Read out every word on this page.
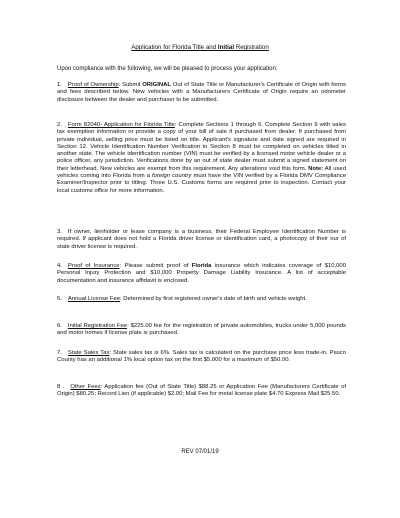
Application for Florida Title and Initial Registration
Upon compliance with the following, we will be pleased to process your application:
1. Proof of Ownership: Submit ORIGINAL Out of State Title or Manufacturer's Certificate of Origin with forms and fees described below. New vehicles with a Manufacturers Certificate of Origin require an odometer disclosure between the dealer and purchaser to be submitted.
2. Form 82040- Application for Florida Title: Complete Sections 1 through 6. Complete Section 9 with sales tax exemption information or provide a copy of your bill of sale if purchased from dealer. If purchased from private individual, selling price must be listed on title. Applicant's signature and date signed are required in Section 12. Vehicle Identification Number Verification in Section 8 must be completed on vehicles titled in another state. The vehicle identification number (VIN) must be verified by a licensed motor vehicle dealer or a police officer, any jurisdiction. Verifications done by an out of state dealer must submit a signed statement on their letterhead. New vehicles are exempt from this requirement. Any alterations void this form. Note: All used vehicles coming into Florida from a foreign country must have the VIN verified by a Florida DMV Compliance Examiner/Inspector prior to titling. Three U.S. Customs forms are required prior to inspection. Contact your local customs office for more information.
3. If owner, lienholder or lease company is a business, their Federal Employee Identification Number is required. If applicant does not hold a Florida driver license or identification card, a photocopy of their our of state driver license is required.
4. Proof of Insurance: Please submit proof of Florida insurance which indicates coverage of $10,000 Personal Injury Protection and $10,000 Property Damage Liability Insurance. A list of acceptable documentation and insurance affidavit is enclosed.
5. Annual License Fee: Determined by first registered owner's date of birth and vehicle weight.
6. Initial Registration Fee: $225.00 fee for the registration of private automobiles, trucks under 5,000 pounds and motor homes if license plate is purchased.
7. State Sales Tax: State sales tax is 6%. Sales tax is calculated on the purchase price less trade-in. Pasco County has an additional 1% local option tax on the first $5,000 for a maximum of $50.00.
8 . Other Fees: Application fee (Out of State Title) $88.25 or Application Fee (Manufacturers Certificate of Origin) $80.25; Record Lien (if applicable) $2.00; Mail Fee for metal license plate $4.70 Express Mail $25.50.
REV 07/01/19
